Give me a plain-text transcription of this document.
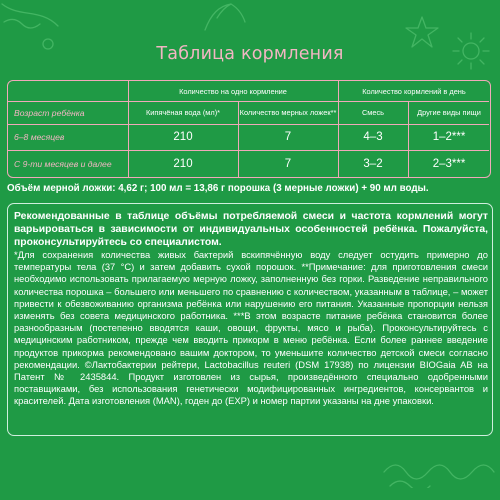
Таблица кормления
Количество на одно кормление	Количество кормлений в день
Возраст ребёнка	Кипячёная вода (мл)*	Количество мерных ложек**	Смесь	Другие виды пищи
6–8 месяцев	210	7	4–3	1–2***
С 9-ти месяцев и далее	210	7	3–2	2–3***
Объём мерной ложки: 4,62 г; 100 мл = 13,86 г порошка (3 мерные ложки) + 90 мл воды.
Рекомендованные в таблице объёмы потребляемой смеси и частота кормлений могут варьироваться в зависимости от индивидуальных особенностей ребёнка. Пожалуйста, проконсультируйтесь со специалистом.
*Для сохранения количества живых бактерий вскипячённую воду следует остудить примерно до температуры тела (37 °C) и затем добавить сухой порошок. **Примечание: для приготовления смеси необходимо использовать прилагаемую мерную ложку, заполненную без горки. Разведение неправильного количества порошка – большего или меньшего по сравнению с количеством, указанным в таблице, – может привести к обезвоживанию организма ребёнка или нарушению его питания. Указанные пропорции нельзя изменять без совета медицинского работника. ***В этом возрасте питание ребёнка становится более разнообразным (постепенно вводятся каши, овощи, фрукты, мясо и рыба). Проконсультируйтесь с медицинским работником, прежде чем вводить прикорм в меню ребёнка. Если более раннее введение продуктов прикорма рекомендовано вашим доктором, то уменьшите количество детской смеси согласно рекомендации. ©Лактобактерии рейтери, Lactobacillus reuteri (DSM 17938) по лицензии BIOGaia AB на Патент № 2435844. Продукт изготовлен из сырья, произведённого специально одобренными поставщиками, без использования генетически модифицированных ингредиентов, консервантов и красителей. Дата изготовления (MAN), годен до (EXP) и номер партии указаны на дне упаковки.
